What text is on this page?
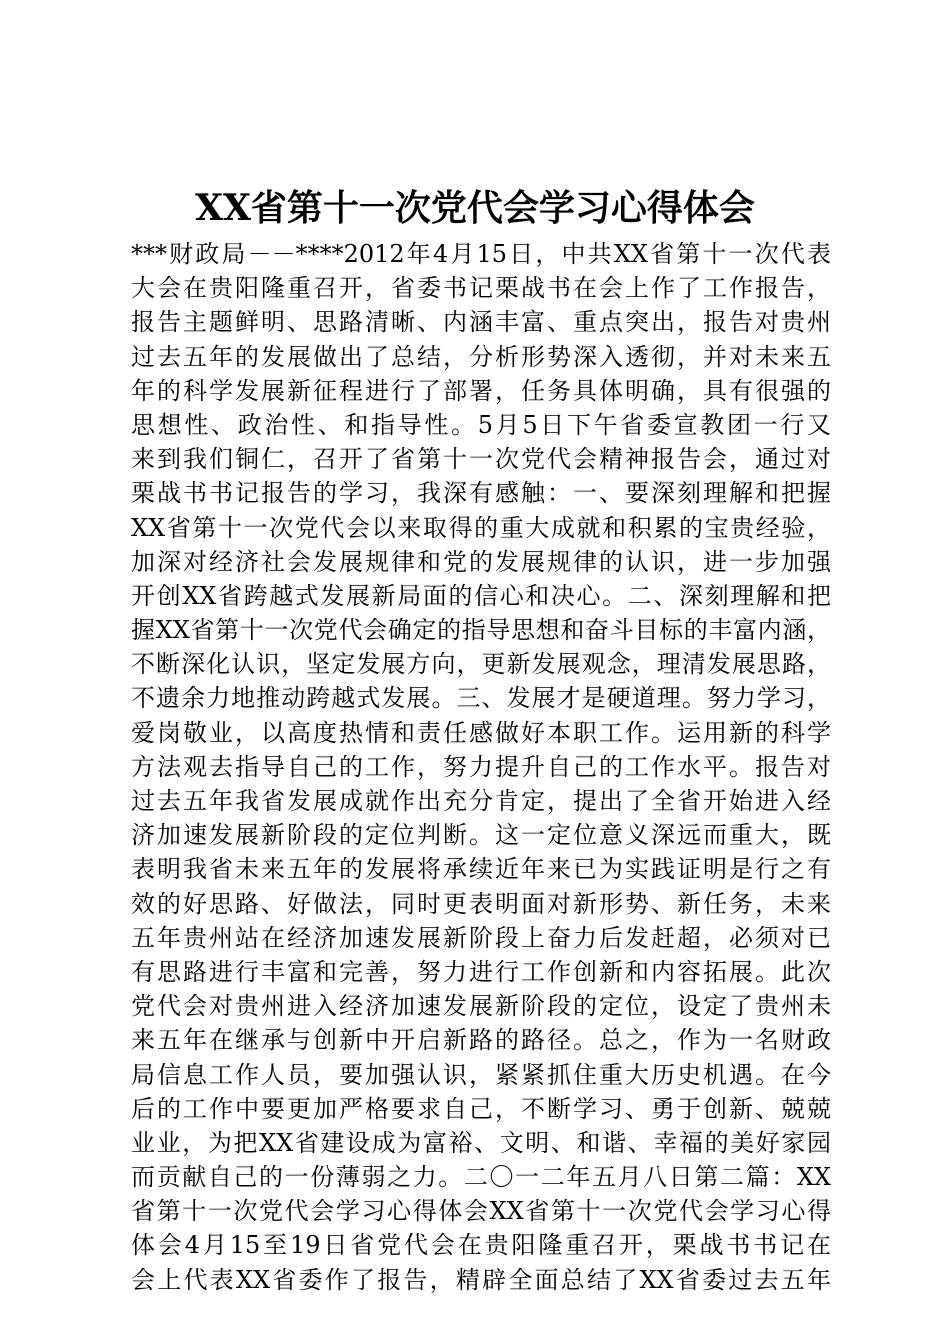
XX省第十一次党代会学习心得体会
***财政局－－****2012年4月15日，中共XX省第十一次代表
大会在贵阳隆重召开，省委书记栗战书在会上作了工作报告，
报告主题鲜明、思路清晰、内涵丰富、重点突出，报告对贵州
过去五年的发展做出了总结，分析形势深入透彻，并对未来五
年的科学发展新征程进行了部署，任务具体明确，具有很强的
思想性、政治性、和指导性。5月5日下午省委宣教团一行又
来到我们铜仁，召开了省第十一次党代会精神报告会，通过对
栗战书书记报告的学习，我深有感触：一、要深刻理解和把握
XX省第十一次党代会以来取得的重大成就和积累的宝贵经验，
加深对经济社会发展规律和党的发展规律的认识，进一步加强
开创XX省跨越式发展新局面的信心和决心。二、深刻理解和把
握XX省第十一次党代会确定的指导思想和奋斗目标的丰富内涵，
不断深化认识，坚定发展方向，更新发展观念，理清发展思路，
不遗余力地推动跨越式发展。三、发展才是硬道理。努力学习，
爱岗敬业，以高度热情和责任感做好本职工作。运用新的科学
方法观去指导自己的工作，努力提升自己的工作水平。报告对
过去五年我省发展成就作出充分肯定，提出了全省开始进入经
济加速发展新阶段的定位判断。这一定位意义深远而重大，既
表明我省未来五年的发展将承续近年来已为实践证明是行之有
效的好思路、好做法，同时更表明面对新形势、新任务，未来
五年贵州站在经济加速发展新阶段上奋力后发赶超，必须对已
有思路进行丰富和完善，努力进行工作创新和内容拓展。此次
党代会对贵州进入经济加速发展新阶段的定位，设定了贵州未
来五年在继承与创新中开启新路的路径。总之，作为一名财政
局信息工作人员，要加强认识，紧紧抓住重大历史机遇。在今
后的工作中要更加严格要求自己，不断学习、勇于创新、兢兢
业业，为把XX省建设成为富裕、文明、和谐、幸福的美好家园
而贡献自己的一份薄弱之力。二〇一二年五月八日第二篇：XX
省第十一次党代会学习心得体会XX省第十一次党代会学习心得
体会4月15至19日省党代会在贵阳隆重召开，栗战书书记在
会上代表XX省委作了报告，精辟全面总结了XX省委过去五年
